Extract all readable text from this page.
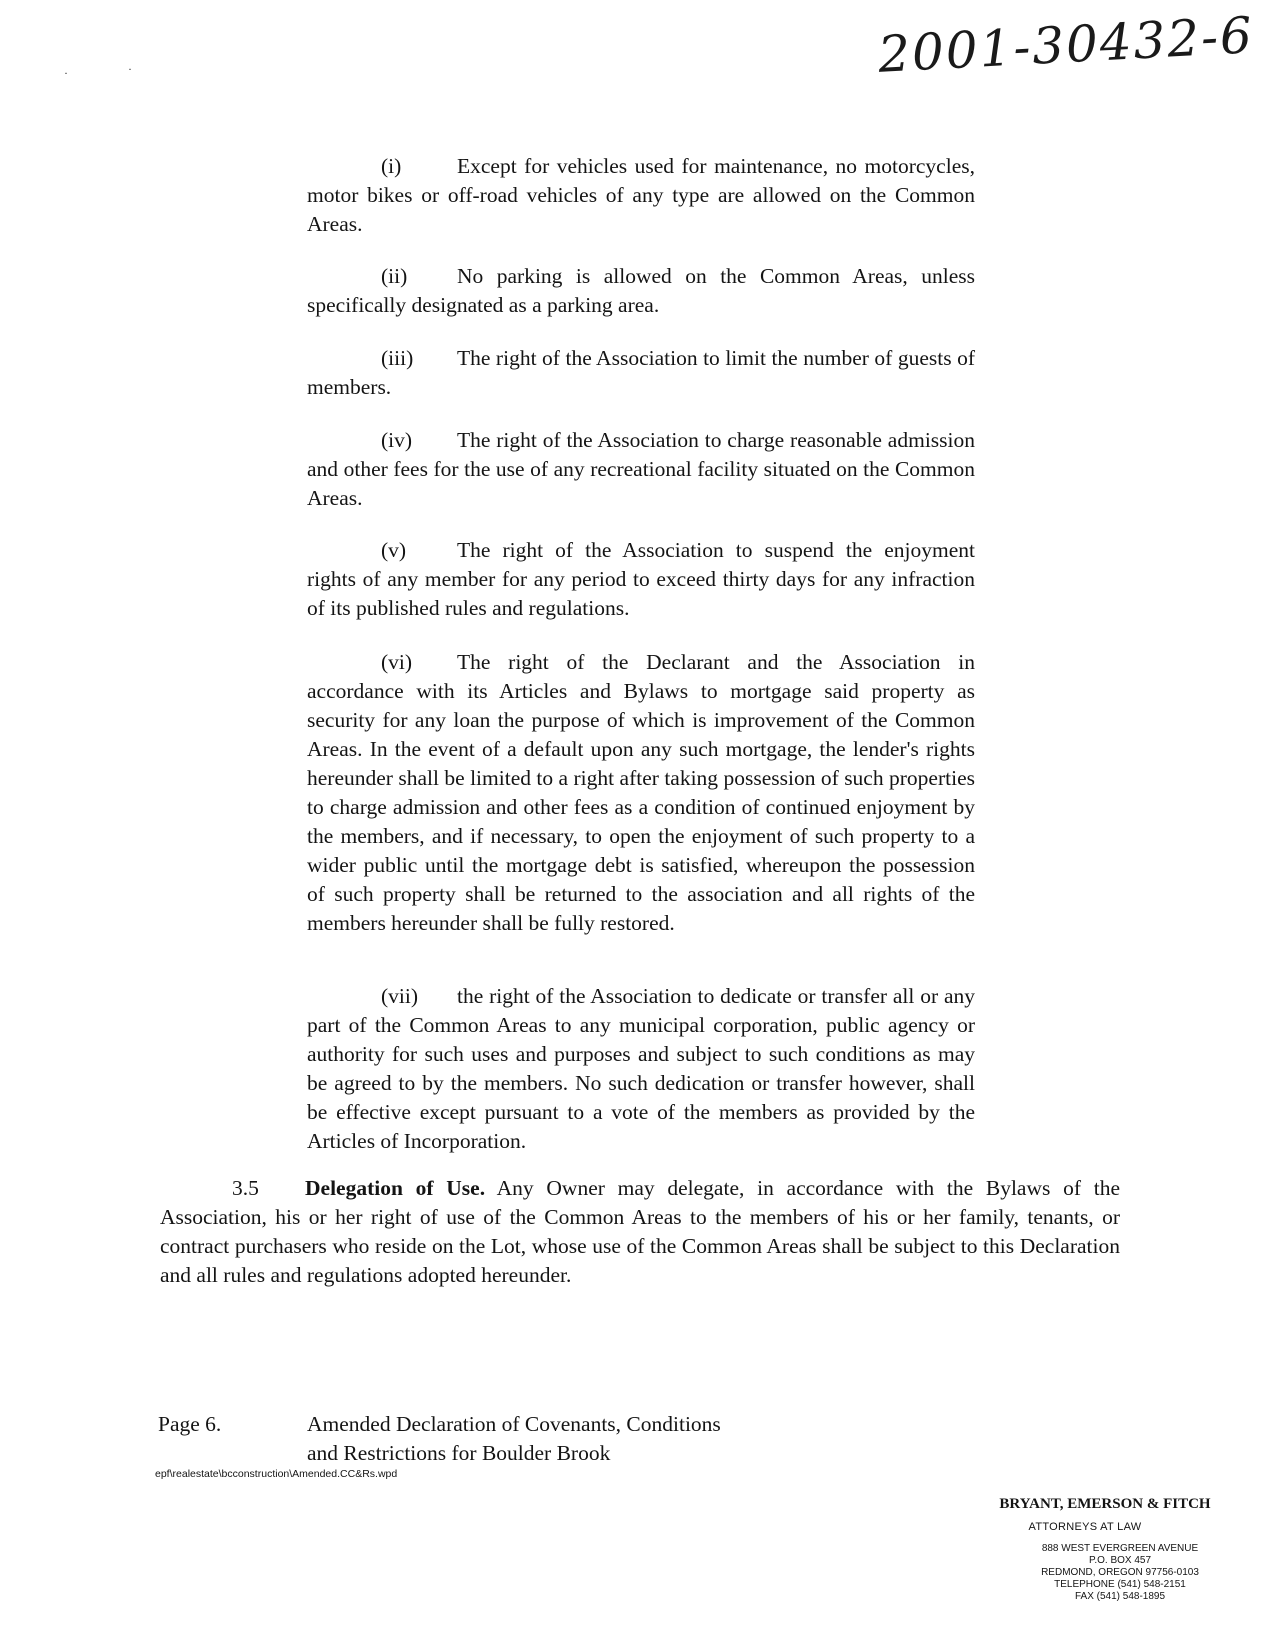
·	·	2001-30432-6
(i)	Except for vehicles used for maintenance, no motorcycles, motor bikes or off-road vehicles of any type are allowed on the Common Areas.
(ii) No parking is allowed on the Common Areas, unless specifically designated as a parking area.
(iii) The right of the Association to limit the number of guests of members.
(iv) The right of the Association to charge reasonable admission and other fees for the use of any recreational facility situated on the Common Areas.
(v) The right of the Association to suspend the enjoyment rights of any member for any period to exceed thirty days for any infraction of its published rules and regulations.
(vi) The right of the Declarant and the Association in accordance with its Articles and Bylaws to mortgage said property as security for any loan the purpose of which is improvement of the Common Areas. In the event of a default upon any such mortgage, the lender's rights hereunder shall be limited to a right after taking possession of such properties to charge admission and other fees as a condition of continued enjoyment by the members, and if necessary, to open the enjoyment of such property to a wider public until the mortgage debt is satisfied, whereupon the possession of such property shall be returned to the association and all rights of the members hereunder shall be fully restored.
(vii) the right of the Association to dedicate or transfer all or any part of the Common Areas to any municipal corporation, public agency or authority for such uses and purposes and subject to such conditions as may be agreed to by the members. No such dedication or transfer however, shall be effective except pursuant to a vote of the members as provided by the Articles of Incorporation.
3.5 Delegation of Use. Any Owner may delegate, in accordance with the Bylaws of the Association, his or her right of use of the Common Areas to the members of his or her family, tenants, or contract purchasers who reside on the Lot, whose use of the Common Areas shall be subject to this Declaration and all rules and regulations adopted hereunder.
Page 6.	Amended Declaration of Covenants, Conditions
and Restrictions for Boulder Brook
epf\realestate\bcconstruction\Amended.CC&Rs.wpd
BRYANT, EMERSON & FITCH
ATTORNEYS AT LAW
888 WEST EVERGREEN AVENUE
P.O. BOX 457
REDMOND, OREGON 97756-0103
TELEPHONE (541) 548-2151
FAX (541) 548-1895
